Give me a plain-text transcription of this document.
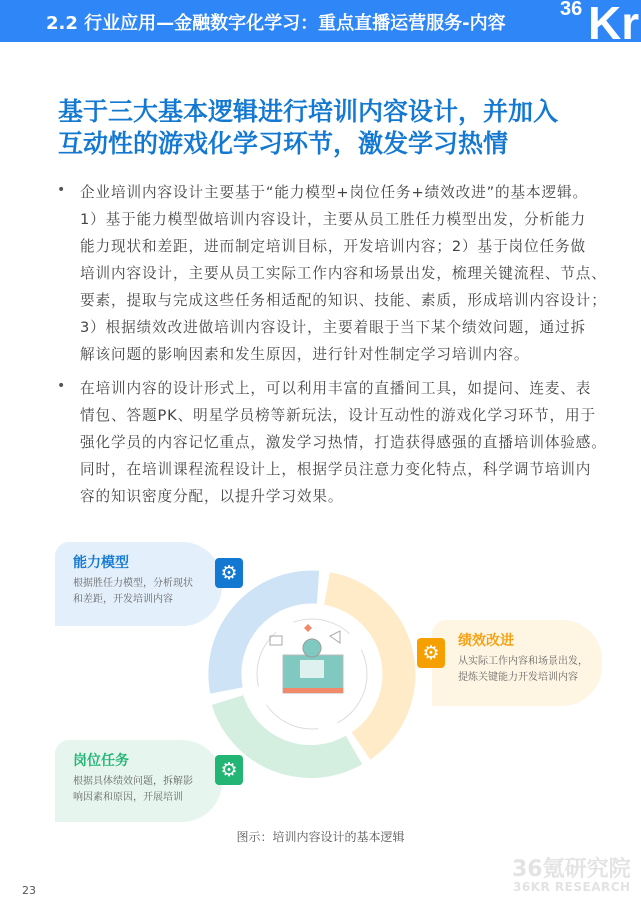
2.2 行业应用—金融数字化学习：重点直播运营服务-内容
36 Kr
基于三大基本逻辑进行培训内容设计，并加入
互动性的游戏化学习环节，激发学习热情
• 企业培训内容设计主要基于“能力模型+岗位任务+绩效改进”的基本逻辑。
1）基于能力模型做培训内容设计，主要从员工胜任力模型出发，分析能力
能力现状和差距，进而制定培训目标，开发培训内容；2）基于岗位任务做
培训内容设计，主要从员工实际工作内容和场景出发，梳理关键流程、节点、
要素，提取与完成这些任务相适配的知识、技能、素质，形成培训内容设计；
3）根据绩效改进做培训内容设计，主要着眼于当下某个绩效问题，通过拆
解该问题的影响因素和发生原因，进行针对性制定学习培训内容。
• 在培训内容的设计形式上，可以利用丰富的直播间工具，如提问、连麦、表
情包、答题PK、明星学员榜等新玩法，设计互动性的游戏化学习环节，用于
强化学员的内容记忆重点，激发学习热情，打造获得感强的直播培训体验感。
同时，在培训课程流程设计上，根据学员注意力变化特点，科学调节培训内
容的知识密度分配，以提升学习效果。
能力模型
根据胜任力模型，分析现状
和差距，开发培训内容
⚙
绩效改进
从实际工作内容和场景出发，
提炼关键能力开发培训内容
⚙
岗位任务
根据具体绩效问题，拆解影
响因素和原因，开展培训
⚙
图示：培训内容设计的基本逻辑
23
36氪研究院
36KR RESEARCH
